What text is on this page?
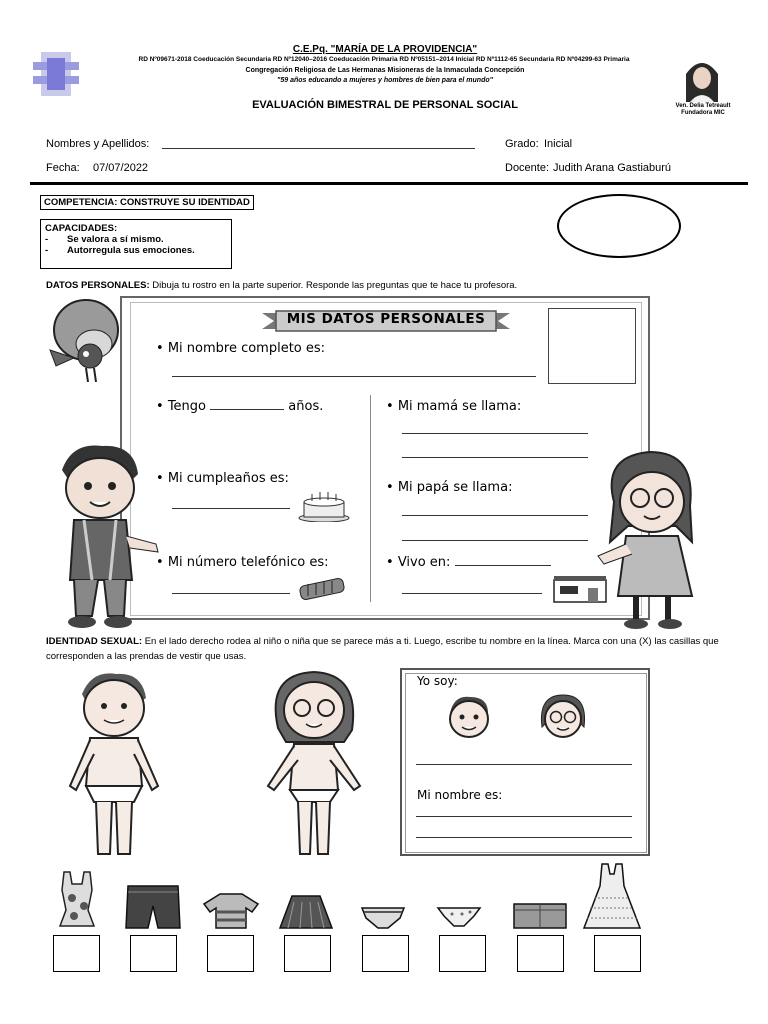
C.E.Pq. "MARÍA DE LA PROVIDENCIA"
RD Nº09671-2018 Coeducación Secundaria RD Nº12040–2016 Coeducación Primaria RD Nº05151–2014 Inicial RD Nº1112-65 Secundaria RD Nº04299-63 Primaria
Congregación Religiosa de Las Hermanas Misioneras de la Inmaculada Concepción
"59 años educando a mujeres y hombres de bien para el mundo"
Ven. Delia Tetreault
Fundadora MIC
EVALUACIÓN BIMESTRAL DE PERSONAL SOCIAL
Nombres y Apellidos:	Grado: Inicial
Fecha: 07/07/2022	Docente: Judith Arana Gastiaburú
COMPETENCIA: CONSTRUYE SU IDENTIDAD
CAPACIDADES:
-	Se valora a sí mismo.
-	Autorregula sus emociones.
DATOS PERSONALES: Dibuja tu rostro en la parte superior. Responde las preguntas que te hace tu profesora.
MIS DATOS PERSONALES
• Mi nombre completo es:
• Tengo	años.	• Mi mamá se llama:
• Mi cumpleaños es:
• Mi papá se llama:
• Mi número telefónico es:	• Vivo en:
IDENTIDAD SEXUAL: En el lado derecho rodea al niño o niña que se parece más a ti. Luego, escribe tu nombre en la línea. Marca con una (X) las casillas que corresponden a las prendas de vestir que usas.
Yo soy:
Mi nombre es:
